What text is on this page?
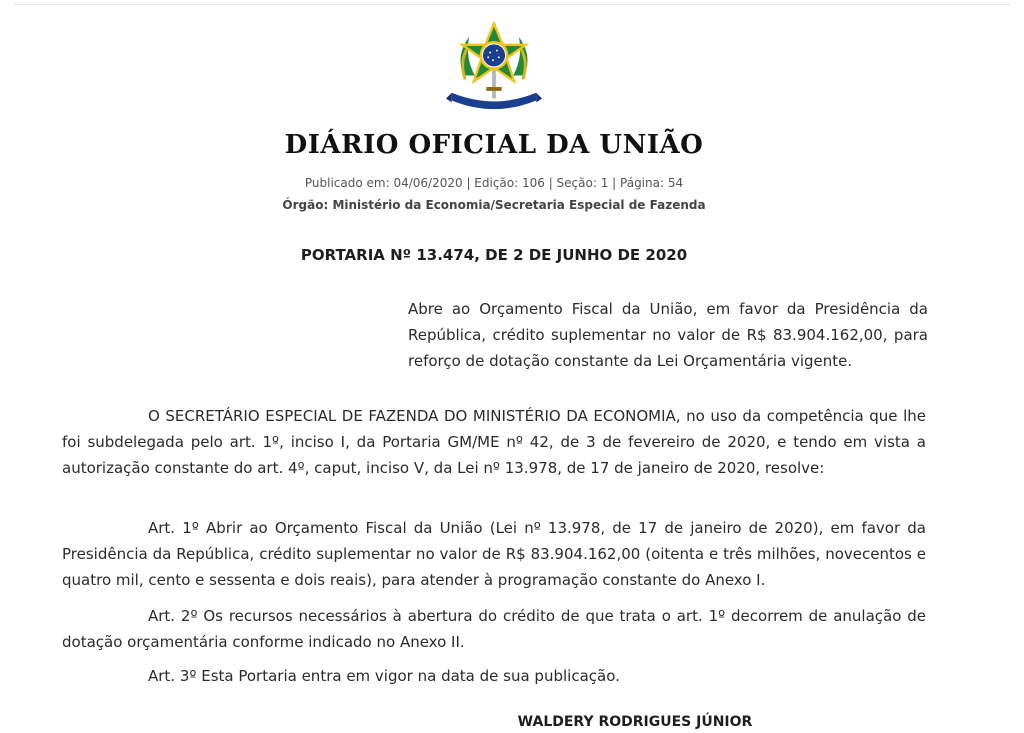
DIÁRIO OFICIAL DA UNIÃO
Publicado em: 04/06/2020 | Edição: 106 | Seção: 1 | Página: 54
Órgão: Ministério da Economia/Secretaria Especial de Fazenda
PORTARIA Nº 13.474, DE 2 DE JUNHO DE 2020
Abre ao Orçamento Fiscal da União, em favor da Presidência da República, crédito suplementar no valor de R$ 83.904.162,00, para reforço de dotação constante da Lei Orçamentária vigente.

O SECRETÁRIO ESPECIAL DE FAZENDA DO MINISTÉRIO DA ECONOMIA, no uso da competência que lhe foi subdelegada pelo art. 1º, inciso I, da Portaria GM/ME nº 42, de 3 de fevereiro de 2020, e tendo em vista a autorização constante do art. 4º, caput, inciso V, da Lei nº 13.978, de 17 de janeiro de 2020, resolve:

Art. 1º Abrir ao Orçamento Fiscal da União (Lei nº 13.978, de 17 de janeiro de 2020), em favor da Presidência da República, crédito suplementar no valor de R$ 83.904.162,00 (oitenta e três milhões, novecentos e quatro mil, cento e sessenta e dois reais), para atender à programação constante do Anexo I.

Art. 2º Os recursos necessários à abertura do crédito de que trata o art. 1º decorrem de anulação de dotação orçamentária conforme indicado no Anexo II.

Art. 3º Esta Portaria entra em vigor na data de sua publicação.

WALDERY RODRIGUES JÚNIOR
